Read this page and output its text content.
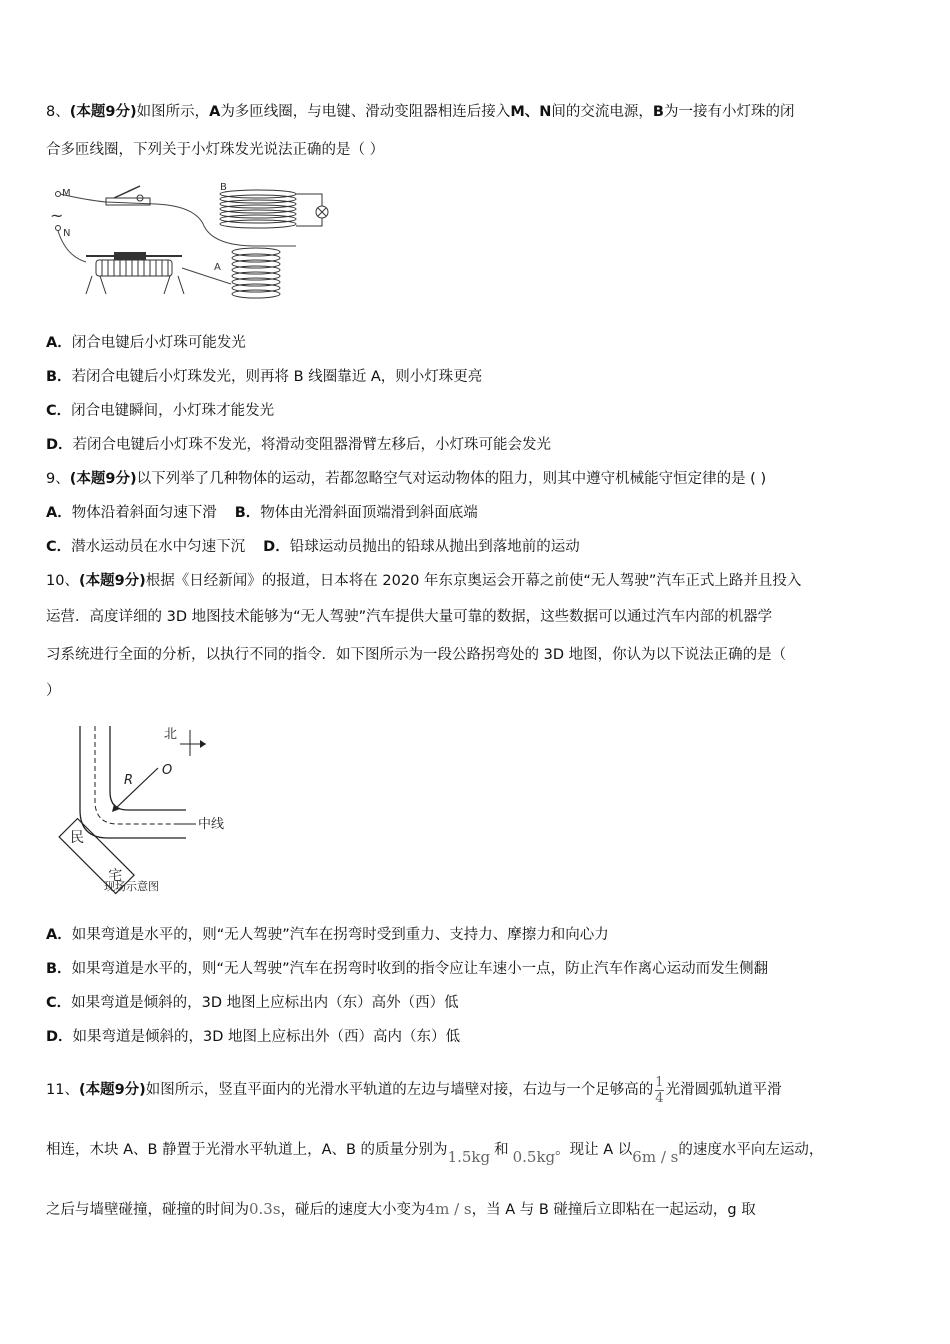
8、(本题9分)如图所示，A为多匝线圈，与电键、滑动变阻器相连后接入M、N间的交流电源，B为一接有小灯珠的闭
合多匝线圈，下列关于小灯珠发光说法正确的是（ ）
M
~
N
B
A
A．闭合电键后小灯珠可能发光
B．若闭合电键后小灯珠发光，则再将 B 线圈靠近 A，则小灯珠更亮
C．闭合电键瞬间，小灯珠才能发光
D．若闭合电键后小灯珠不发光，将滑动变阻器滑臂左移后，小灯珠可能会发光
9、(本题9分)以下列举了几种物体的运动，若都忽略空气对运动物体的阻力，则其中遵守机械能守恒定律的是 ( )
A．物体沿着斜面匀速下滑 B．物体由光滑斜面顶端滑到斜面底端
C．潜水运动员在水中匀速下沉 D．铅球运动员抛出的铅球从抛出到落地前的运动
10、(本题9分)根据《日经新闻》的报道，日本将在 2020 年东京奥运会开幕之前使“无人驾驶”汽车正式上路并且投入
运营．高度详细的 3D 地图技术能够为“无人驾驶”汽车提供大量可靠的数据，这些数据可以通过汽车内部的机器学
习系统进行全面的分析，以执行不同的指令．如下图所示为一段公路拐弯处的 3D 地图，你认为以下说法正确的是（
）
北
中线
O
R
民
宅
现场示意图
A．如果弯道是水平的，则“无人驾驶”汽车在拐弯时受到重力、支持力、摩擦力和向心力
B．如果弯道是水平的，则“无人驾驶”汽车在拐弯时收到的指令应让车速小一点，防止汽车作离心运动而发生侧翻
C．如果弯道是倾斜的，3D 地图上应标出内（东）高外（西）低
D．如果弯道是倾斜的，3D 地图上应标出外（西）高内（东）低
11、(本题9分)如图所示，竖直平面内的光滑水平轨道的左边与墙壁对接，右边与一个足够高的 $\frac{1}{4}$ 光滑圆弧轨道平滑
相连，木块 A、B 静置于光滑水平轨道上，A、B 的质量分别为1.5kg 和 0.5kg。现让 A 以6m / s的速度水平向左运动，
之后与墙壁碰撞，碰撞的时间为0.3s，碰后的速度大小变为4m / s，当 A 与 B 碰撞后立即粘在一起运动，g 取
